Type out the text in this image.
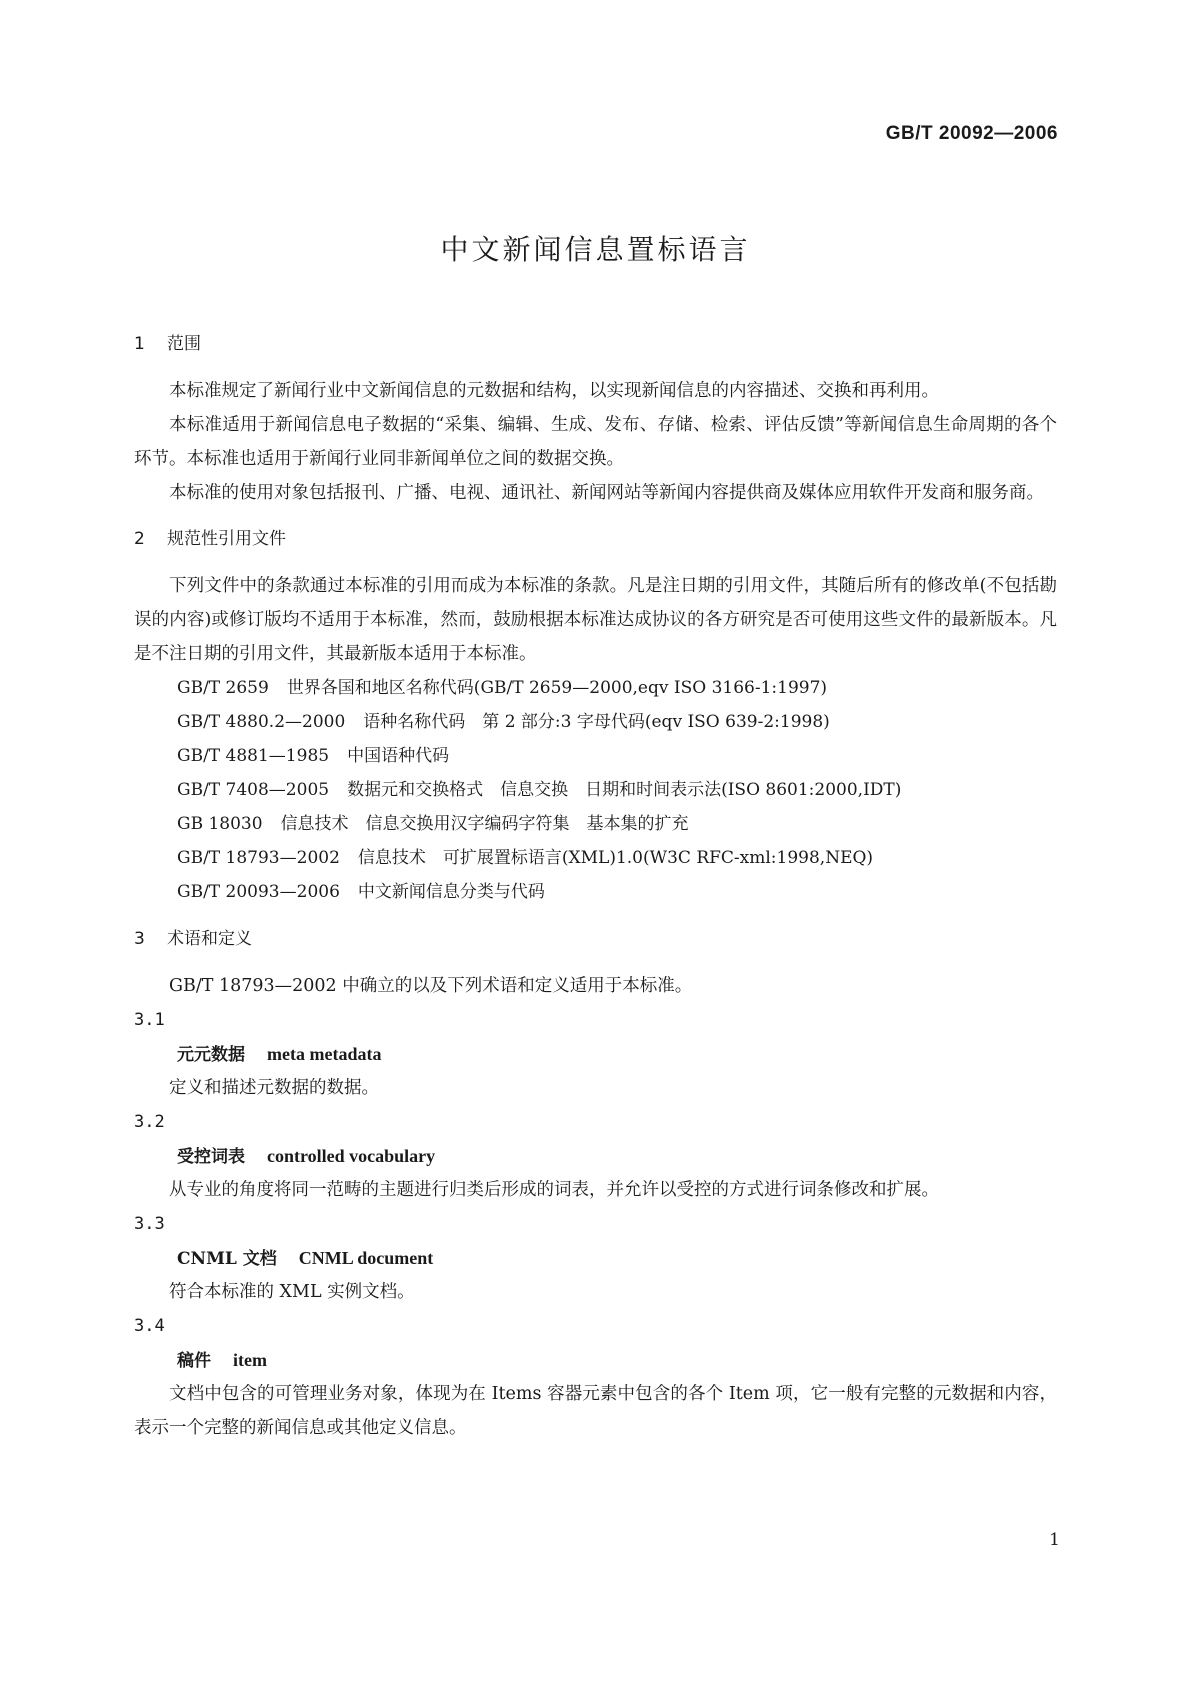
GB/T 20092—2006
中文新闻信息置标语言
1 范围

本标准规定了新闻行业中文新闻信息的元数据和结构，以实现新闻信息的内容描述、交换和再利用。

本标准适用于新闻信息电子数据的“采集、编辑、生成、发布、存储、检索、评估反馈”等新闻信息生命周期的各个环节。本标准也适用于新闻行业同非新闻单位之间的数据交换。

本标准的使用对象包括报刊、广播、电视、通讯社、新闻网站等新闻内容提供商及媒体应用软件开发商和服务商。

2 规范性引用文件

下列文件中的条款通过本标准的引用而成为本标准的条款。凡是注日期的引用文件，其随后所有的修改单(不包括勘误的内容)或修订版均不适用于本标准，然而，鼓励根据本标准达成协议的各方研究是否可使用这些文件的最新版本。凡是不注日期的引用文件，其最新版本适用于本标准。

GB/T 2659 世界各国和地区名称代码(GB/T 2659—2000,eqv ISO 3166-1:1997)
GB/T 4880.2—2000 语种名称代码　第 2 部分:3 字母代码(eqv ISO 639-2:1998)
GB/T 4881—1985 中国语种代码
GB/T 7408—2005 数据元和交换格式　信息交换　日期和时间表示法(ISO 8601:2000,IDT)
GB 18030 信息技术　信息交换用汉字编码字符集　基本集的扩充
GB/T 18793—2002 信息技术　可扩展置标语言(XML)1.0(W3C RFC-xml:1998,NEQ)
GB/T 20093—2006 中文新闻信息分类与代码
3 术语和定义

GB/T 18793—2002 中确立的以及下列术语和定义适用于本标准。

3.1
元元数据 meta metadata

定义和描述元数据的数据。

3.2
受控词表 controlled vocabulary

从专业的角度将同一范畴的主题进行归类后形成的词表，并允许以受控的方式进行词条修改和扩展。

3.3
CNML 文档 CNML document

符合本标准的 XML 实例文档。

3.4
稿件 item

文档中包含的可管理业务对象，体现为在 Items 容器元素中包含的各个 Item 项，它一般有完整的元数据和内容，表示一个完整的新闻信息或其他定义信息。

1
